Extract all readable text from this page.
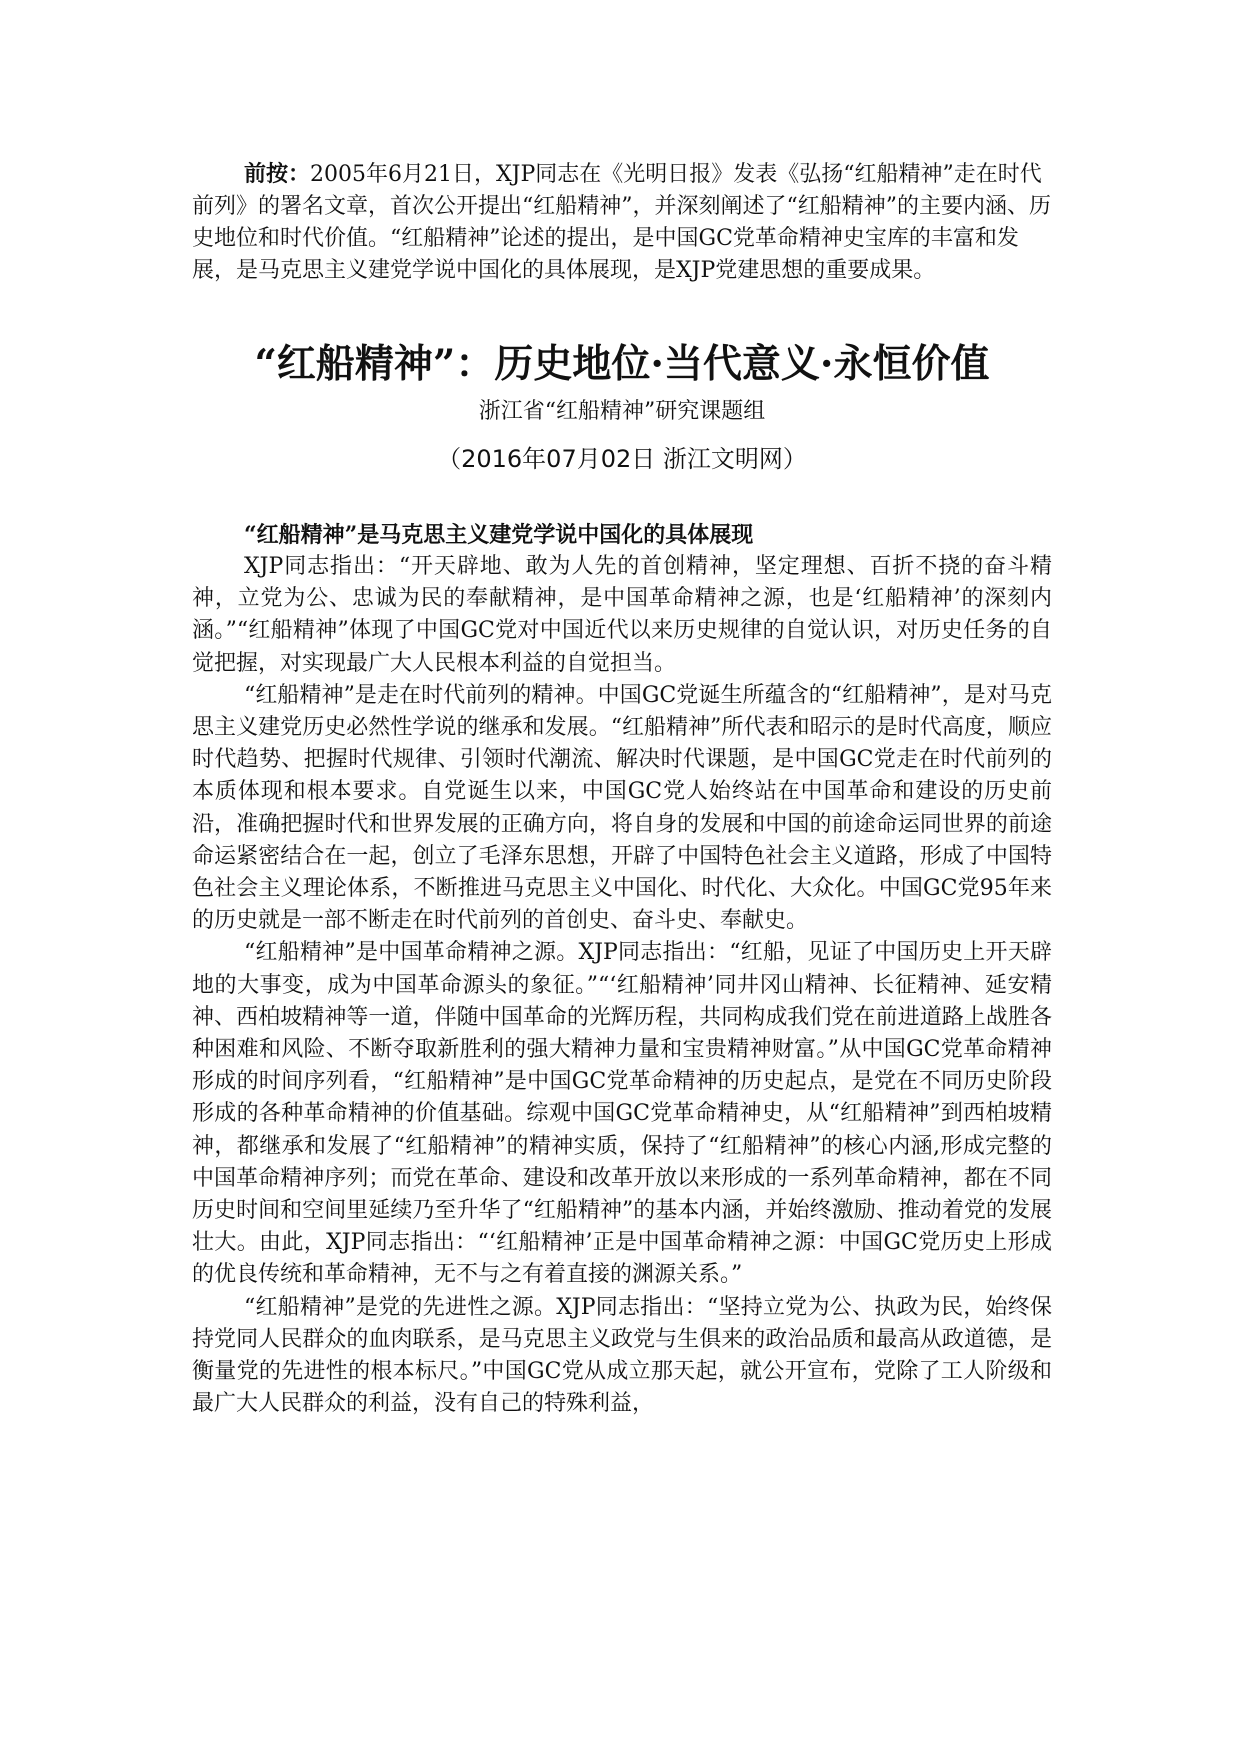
前按：2005年6月21日，XJP同志在《光明日报》发表《弘扬“红船精神”走在时代前列》的署名文章，首次公开提出“红船精神”，并深刻阐述了“红船精神”的主要内涵、历史地位和时代价值。“红船精神”论述的提出，是中国GC党革命精神史宝库的丰富和发展，是马克思主义建党学说中国化的具体展现，是XJP党建思想的重要成果。

“红船精神”：历史地位·当代意义·永恒价值
浙江省“红船精神”研究课题组
（2016年07月02日 浙江文明网）
“红船精神”是马克思主义建党学说中国化的具体展现

XJP同志指出：“开天辟地、敢为人先的首创精神，坚定理想、百折不挠的奋斗精神，立党为公、忠诚为民的奉献精神，是中国革命精神之源，也是‘红船精神’的深刻内涵。”“红船精神”体现了中国GC党对中国近代以来历史规律的自觉认识，对历史任务的自觉把握，对实现最广大人民根本利益的自觉担当。

“红船精神”是走在时代前列的精神。中国GC党诞生所蕴含的“红船精神”，是对马克思主义建党历史必然性学说的继承和发展。“红船精神”所代表和昭示的是时代高度，顺应时代趋势、把握时代规律、引领时代潮流、解决时代课题，是中国GC党走在时代前列的本质体现和根本要求。自党诞生以来，中国GC党人始终站在中国革命和建设的历史前沿，准确把握时代和世界发展的正确方向，将自身的发展和中国的前途命运同世界的前途命运紧密结合在一起，创立了毛泽东思想，开辟了中国特色社会主义道路，形成了中国特色社会主义理论体系，不断推进马克思主义中国化、时代化、大众化。中国GC党95年来的历史就是一部不断走在时代前列的首创史、奋斗史、奉献史。

“红船精神”是中国革命精神之源。XJP同志指出：“红船，见证了中国历史上开天辟地的大事变，成为中国革命源头的象征。”“‘红船精神’同井冈山精神、长征精神、延安精神、西柏坡精神等一道，伴随中国革命的光辉历程，共同构成我们党在前进道路上战胜各种困难和风险、不断夺取新胜利的强大精神力量和宝贵精神财富。”从中国GC党革命精神形成的时间序列看，“红船精神”是中国GC党革命精神的历史起点，是党在不同历史阶段形成的各种革命精神的价值基础。综观中国GC党革命精神史，从“红船精神”到西柏坡精神，都继承和发展了“红船精神”的精神实质，保持了“红船精神”的核心内涵,形成完整的中国革命精神序列；而党在革命、建设和改革开放以来形成的一系列革命精神，都在不同历史时间和空间里延续乃至升华了“红船精神”的基本内涵，并始终激励、推动着党的发展壮大。由此，XJP同志指出：“‘红船精神’正是中国革命精神之源：中国GC党历史上形成的优良传统和革命精神，无不与之有着直接的渊源关系。”

“红船精神”是党的先进性之源。XJP同志指出：“坚持立党为公、执政为民，始终保持党同人民群众的血肉联系，是马克思主义政党与生俱来的政治品质和最高从政道德，是衡量党的先进性的根本标尺。”中国GC党从成立那天起，就公开宣布，党除了工人阶级和最广大人民群众的利益，没有自己的特殊利益，
